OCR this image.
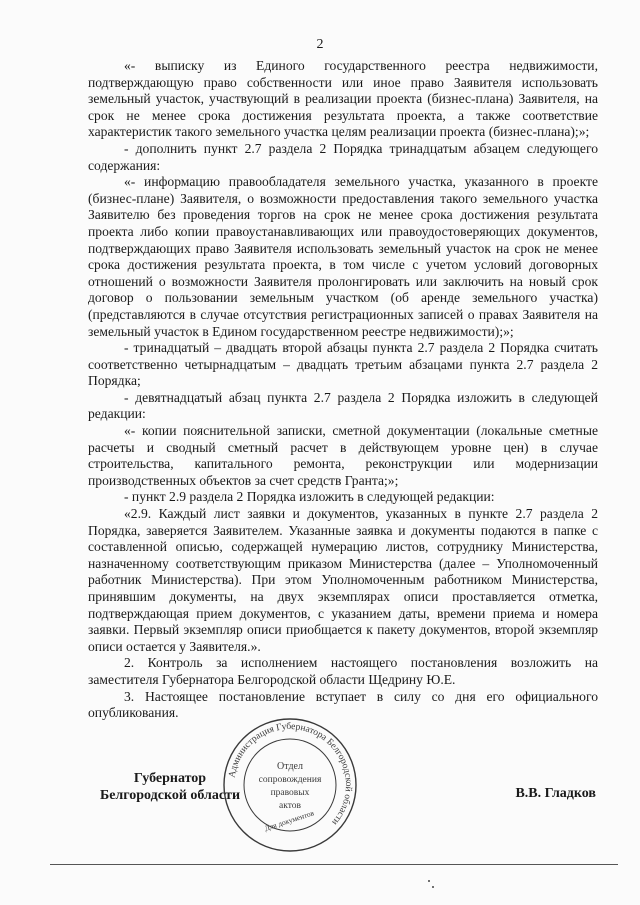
2

«- выписку из Единого государственного реестра недвижимости, подтверждающую право собственности или иное право Заявителя использовать земельный участок, участвующий в реализации проекта (бизнес-плана) Заявителя, на срок не менее срока достижения результата проекта, а также соответствие характеристик такого земельного участка целям реализации проекта (бизнес-плана);»;

- дополнить пункт 2.7 раздела 2 Порядка тринадцатым абзацем следующего содержания:

«- информацию правообладателя земельного участка, указанного в проекте (бизнес-плане) Заявителя, о возможности предоставления такого земельного участка Заявителю без проведения торгов на срок не менее срока достижения результата проекта либо копии правоустанавливающих или правоудостоверяющих документов, подтверждающих право Заявителя использовать земельный участок на срок не менее срока достижения результата проекта, в том числе с учетом условий договорных отношений о возможности Заявителя пролонгировать или заключить на новый срок договор о пользовании земельным участком (об аренде земельного участка) (представляются в случае отсутствия регистрационных записей о правах Заявителя на земельный участок в Едином государственном реестре недвижимости);»;

- тринадцатый – двадцать второй абзацы пункта 2.7 раздела 2 Порядка считать соответственно четырнадцатым – двадцать третьим абзацами пункта 2.7 раздела 2 Порядка;

- девятнадцатый абзац пункта 2.7 раздела 2 Порядка изложить в следующей редакции:

«- копии пояснительной записки, сметной документации (локальные сметные расчеты и сводный сметный расчет в действующем уровне цен) в случае строительства, капитального ремонта, реконструкции или модернизации производственных объектов за счет средств Гранта;»;

- пункт 2.9 раздела 2 Порядка изложить в следующей редакции:

«2.9. Каждый лист заявки и документов, указанных в пункте 2.7 раздела 2 Порядка, заверяется Заявителем. Указанные заявка и документы подаются в папке с составленной описью, содержащей нумерацию листов, сотруднику Министерства, назначенному соответствующим приказом Министерства (далее – Уполномоченный работник Министерства). При этом Уполномоченным работником Министерства, принявшим документы, на двух экземплярах описи проставляется отметка, подтверждающая прием документов, с указанием даты, времени приема и номера заявки. Первый экземпляр описи приобщается к пакету документов, второй экземпляр описи остается у Заявителя.».

2. Контроль за исполнением настоящего постановления возложить на заместителя Губернатора Белгородской области Щедрину Ю.Е.

3. Настоящее постановление вступает в силу со дня его официального опубликования.

Губернатор
Белгородской области	В.В. Гладков
Администрация Губернатора Белгородской области
Отдел
сопровождения
правовых
актов
Для документов
